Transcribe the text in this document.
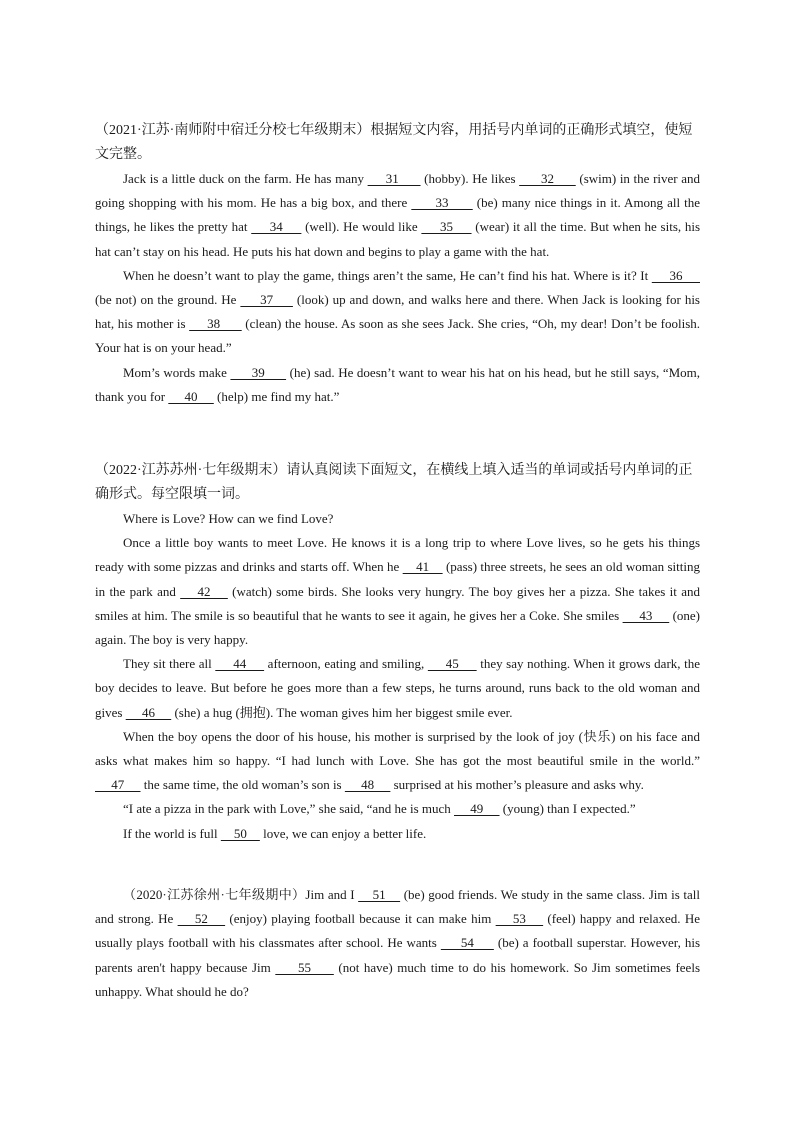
（2021·江苏·南师附中宿迁分校七年级期末）根据短文内容，用括号内单词的正确形式填空，使短文完整。

Jack is a little duck on the farm. He has many      31       (hobby). He likes       32       (swim) in the river and going shopping with his mom. He has a big box, and there       33       (be) many nice things in it. Among all the things, he likes the pretty hat      34      (well). He would like      35      (wear) it all the time. But when he sits, his hat can’t stay on his head. He puts his hat down and begins to play a game with the hat.

When he doesn’t want to play the game, things aren’t the same, He can’t find his hat. Where is it? It      36      (be not) on the ground. He      37      (look) up and down, and walks here and there. When Jack is looking for his hat, his mother is      38       (clean) the house. As soon as she sees Jack. She cries, “Oh, my dear! Don’t be foolish. Your hat is on your head.”

Mom’s words make       39       (he) sad. He doesn’t want to wear his hat on his head, but he still says, “Mom, thank you for      40      (help) me find my hat.”

（2022·江苏苏州·七年级期末）请认真阅读下面短文，在横线上填入适当的单词或括号内单词的正确形式。每空限填一词。

Where is Love? How can we find Love?

Once a little boy wants to meet Love. He knows it is a long trip to where Love lives, so he gets his things ready with some pizzas and drinks and starts off. When he     41     (pass) three streets, he sees an old woman sitting in the park and     42     (watch) some birds. She looks very hungry. The boy gives her a pizza. She takes it and smiles at him. The smile is so beautiful that he wants to see it again, he gives her a Coke. She smiles      43      (one) again. The boy is very happy.

They sit there all      44      afternoon, eating and smiling,      45      they say nothing. When it grows dark, the boy decides to leave. But before he goes more than a few steps, he turns around, runs back to the old woman and gives      46      (she) a hug (拥抱). The woman gives him her biggest smile ever.

When the boy opens the door of his house, his mother is surprised by the look of joy (快乐) on his face and asks what makes him so happy. “I had lunch with Love. She has got the most beautiful smile in the world.”      47      the same time, the old woman’s son is      48      surprised at his mother’s pleasure and asks why.

“I ate a pizza in the park with Love,” she said, “and he is much      49      (young) than I expected.”

If the world is full     50     love, we can enjoy a better life.

（2020·江苏徐州·七年级期中）Jim and I     51     (be) good friends. We study in the same class. Jim is tall and strong. He     52     (enjoy) playing football because it can make him     53     (feel) happy and relaxed. He usually plays football with his classmates after school. He wants      54      (be) a football superstar. However, his parents aren't happy because Jim      55      (not have) much time to do his homework. So Jim sometimes feels unhappy. What should he do?
